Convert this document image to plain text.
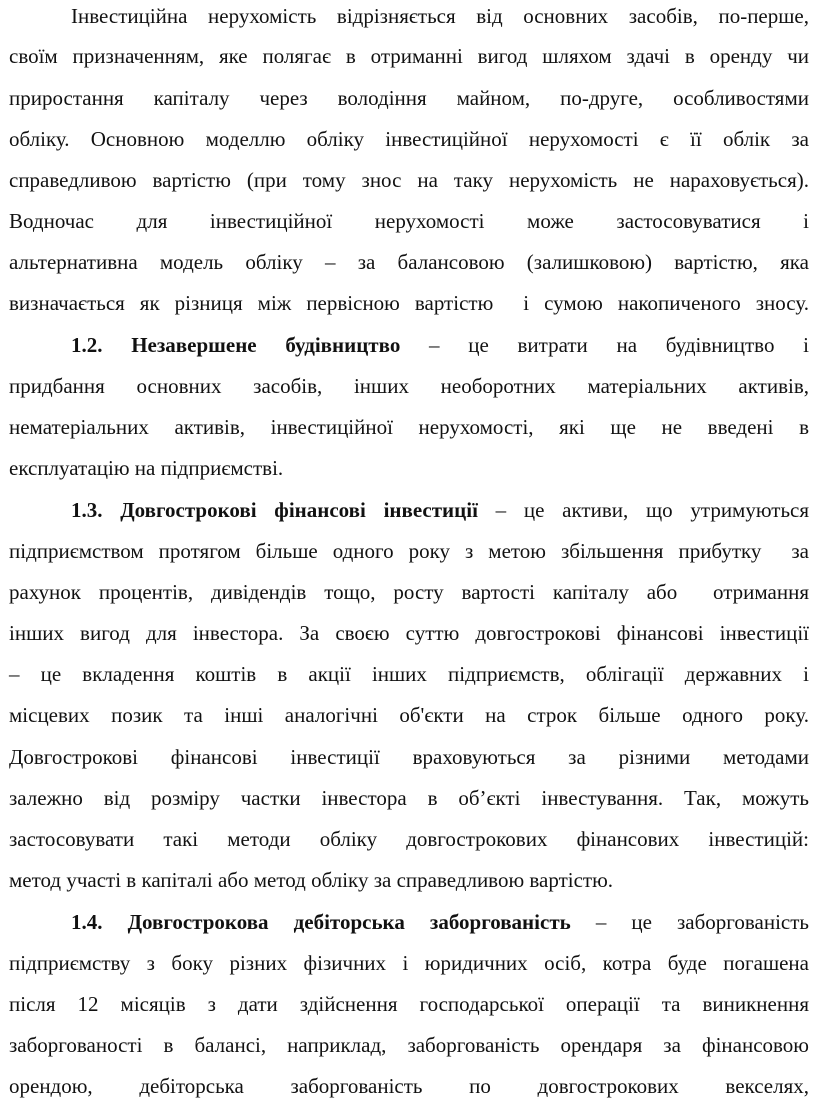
Інвестиційна нерухомість відрізняється від основних засобів, по-перше,
своїм призначенням, яке полягає в отриманні вигод шляхом здачі в оренду чи
приростання капіталу через володіння майном, по-друге, особливостями
обліку. Основною моделлю обліку інвестиційної нерухомості є її облік за
справедливою вартістю (при тому знос на таку нерухомість не нараховується).
Водночас для інвестиційної нерухомості може застосовуватися і
альтернативна модель обліку – за балансовою (залишковою) вартістю, яка
визначається як різниця між первісною вартістю  і сумою накопиченого зносу.
1.2. Незавершене будівництво – це витрати на будівництво і
придбання основних засобів, інших необоротних матеріальних активів,
нематеріальних активів, інвестиційної нерухомості, які ще не введені в
експлуатацію на підприємстві.
1.3. Довгострокові фінансові інвестиції – це активи, що утримуються
підприємством протягом більше одного року з метою збільшення прибутку  за
рахунок процентів, дивідендів тощо, росту вартості капіталу або  отримання
інших вигод для інвестора. За своєю суттю довгострокові фінансові інвестиції
– це вкладення коштів в акції інших підприємств, облігації державних і
місцевих позик та інші аналогічні об'єкти на строк більше одного року.
Довгострокові фінансові інвестиції враховуються за різними методами
залежно від розміру частки інвестора в об’єкті інвестування. Так, можуть
застосовувати такі методи обліку довгострокових фінансових інвестицій:
метод участі в капіталі або метод обліку за справедливою вартістю.
1.4. Довгострокова дебіторська заборгованість – це заборгованість
підприємству з боку різних фізичних і юридичних осіб, котра буде погашена
після 12 місяців з дати здійснення господарської операції та виникнення
заборгованості в балансі, наприклад, заборгованість орендаря за фінансовою
орендою, дебіторська заборгованість по довгострокових векселях,
